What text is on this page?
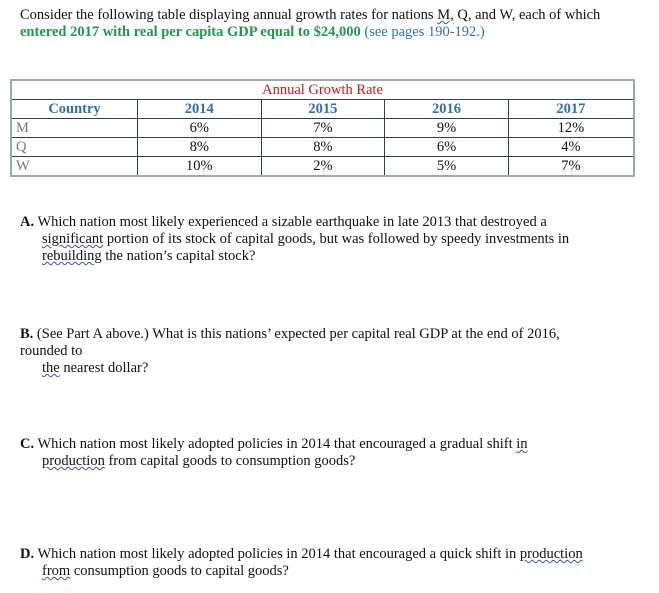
Consider the following table displaying annual growth rates for nations M, Q, and W, each of which entered 2017 with real per capita GDP equal to $24,000 (see pages 190-192.)

Annual Growth Rate				
Country	2014	2015	2016	2017
M	6%	7%	9%	12%
Q	8%	8%	6%	4%
W	10%	2%	5%	7%

A. Which nation most likely experienced a sizable earthquake in late 2013 that destroyed a
significant portion of its stock of capital goods, but was followed by speedy investments in
rebuilding the nation’s capital stock?

B. (See Part A above.) What is this nations’ expected per capital real GDP at the end of 2016,
rounded to
the nearest dollar?

C. Which nation most likely adopted policies in 2014 that encouraged a gradual shift in
production from capital goods to consumption goods?

D. Which nation most likely adopted policies in 2014 that encouraged a quick shift in production
from consumption goods to capital goods?
